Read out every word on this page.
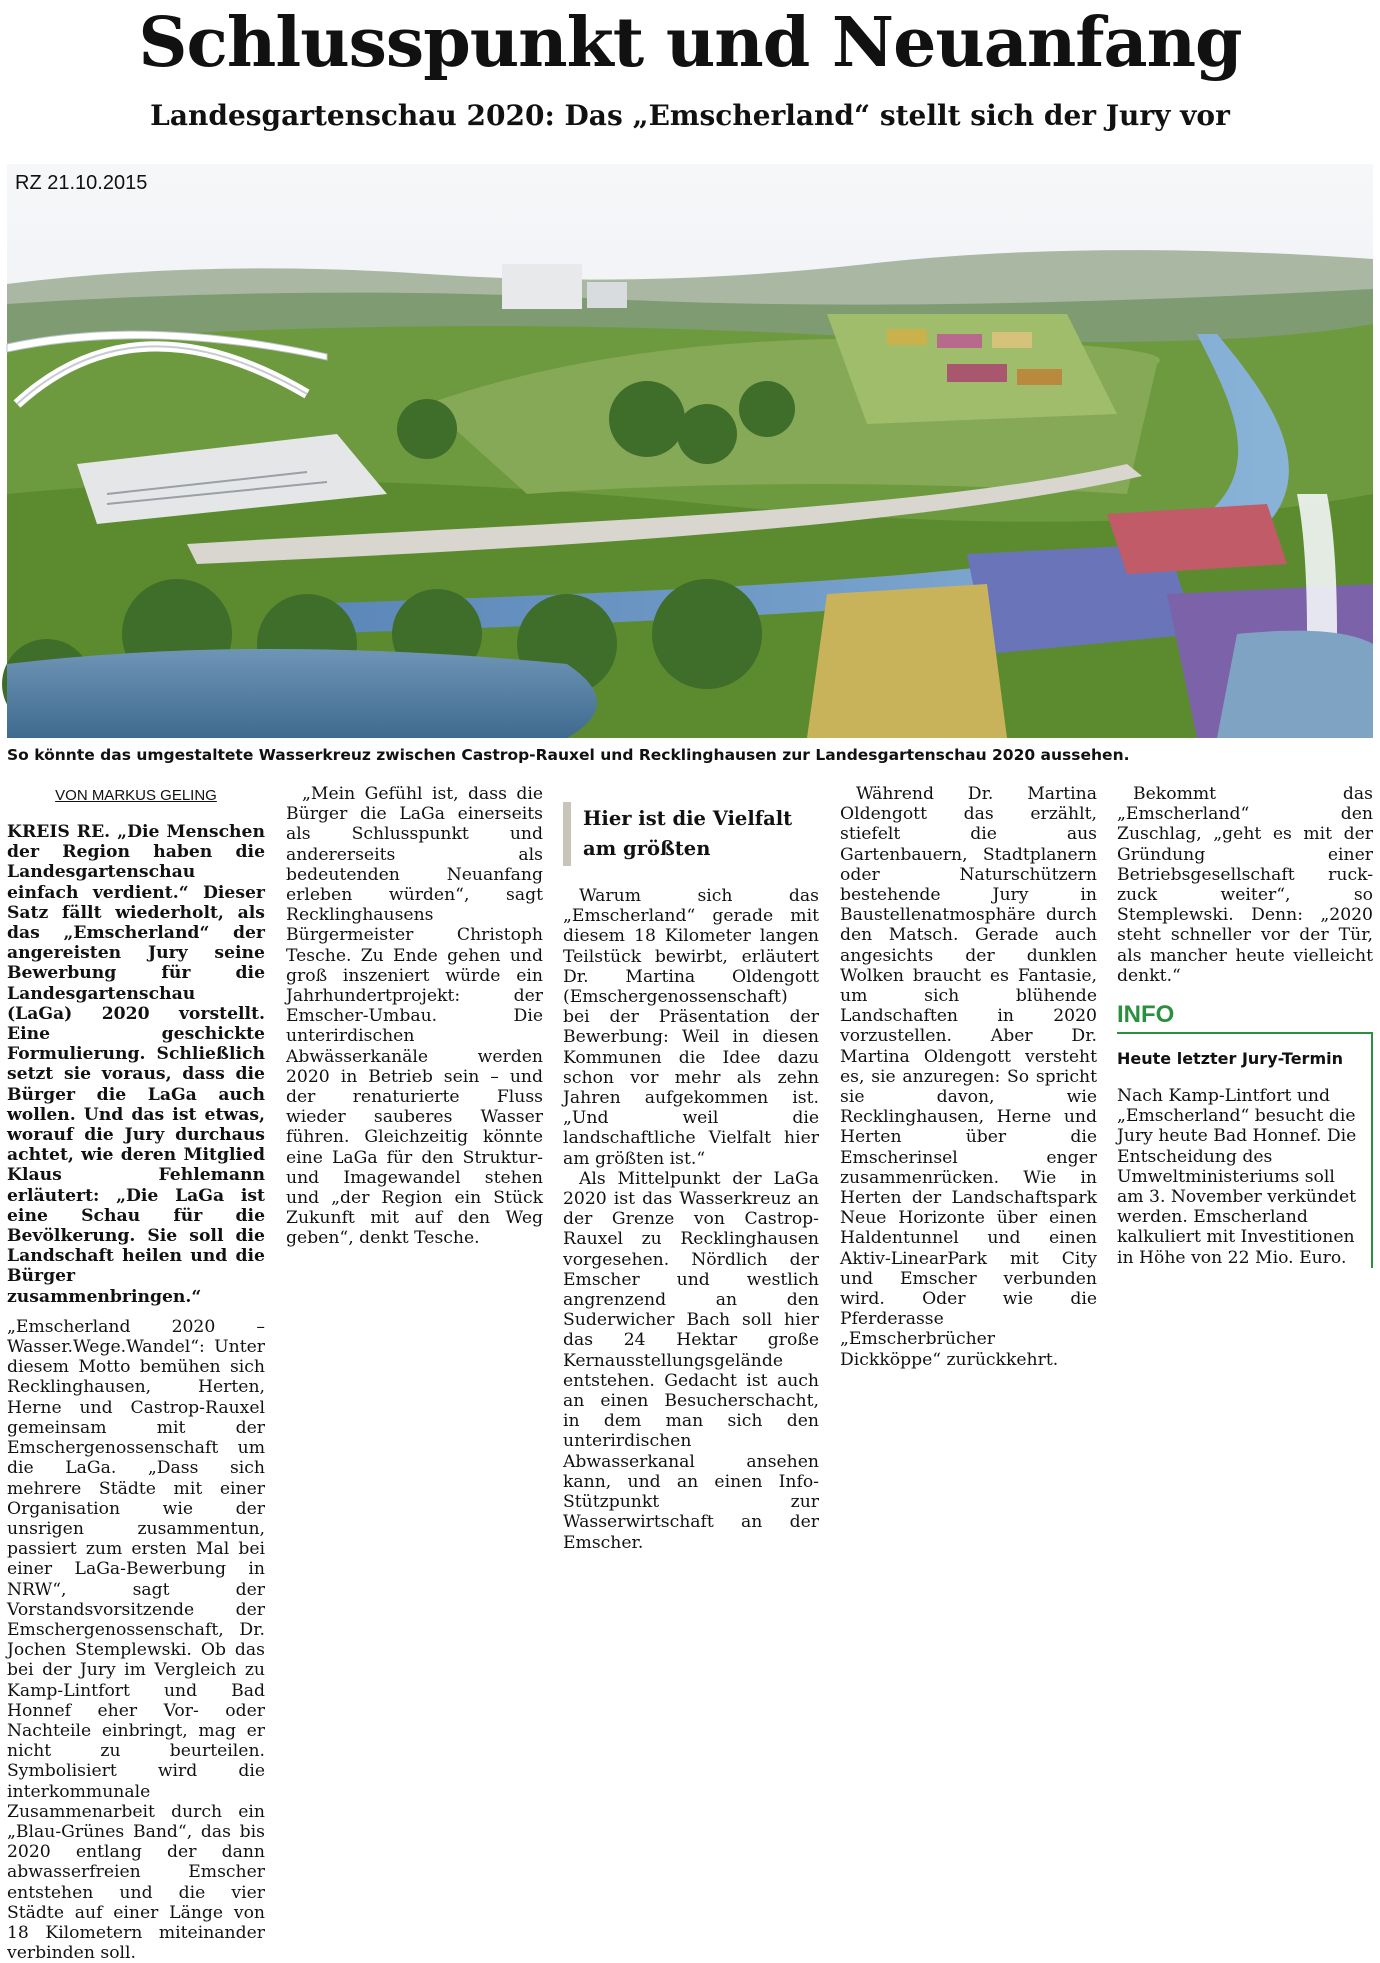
Schlusspunkt und Neuanfang
Landesgartenschau 2020: Das „Emscherland“ stellt sich der Jury vor
RZ 21.10.2015
So könnte das umgestaltete Wasserkreuz zwischen Castrop-Rauxel und Recklinghausen zur Landesgartenschau 2020 aussehen.

VON MARKUS GELING

KREIS RE. „Die Menschen der Region haben die Landesgartenschau einfach verdient.“ Dieser Satz fällt wiederholt, als das „Emscherland“ der angereisten Jury seine Bewerbung für die Landesgartenschau (LaGa) 2020 vorstellt. Eine geschickte Formulierung. Schließlich setzt sie voraus, dass die Bürger die LaGa auch wollen. Und das ist etwas, worauf die Jury durchaus achtet, wie deren Mitglied Klaus Fehlemann erläutert: „Die LaGa ist eine Schau für die Bevölkerung. Sie soll die Landschaft heilen und die Bürger zusammenbringen.“

„Emscherland 2020 – Wasser.Wege.Wandel“: Unter diesem Motto bemühen sich Recklinghausen, Herten, Herne und Castrop-Rauxel gemeinsam mit der Emschergenossenschaft um die LaGa. „Dass sich mehrere Städte mit einer Organisation wie der unsrigen zusammentun, passiert zum ersten Mal bei einer LaGa-Bewerbung in NRW“, sagt der Vorstandsvorsitzende der Emschergenossenschaft, Dr. Jochen Stemplewski. Ob das bei der Jury im Vergleich zu Kamp-Lintfort und Bad Honnef eher Vor- oder Nachteile einbringt, mag er nicht zu beurteilen. Symbolisiert wird die interkommunale Zusammenarbeit durch ein „Blau-Grünes Band“, das bis 2020 entlang der dann abwasserfreien Emscher entstehen und die vier Städte auf einer Länge von 18 Kilometern miteinander verbinden soll.

„Mein Gefühl ist, dass die Bürger die LaGa einerseits als Schlusspunkt und andererseits als bedeutenden Neuanfang erleben würden“, sagt Recklinghausens Bürgermeister Christoph Tesche. Zu Ende gehen und groß inszeniert würde ein Jahrhundertprojekt: der Emscher-Umbau. Die unterirdischen Abwässerkanäle werden 2020 in Betrieb sein – und der renaturierte Fluss wieder sauberes Wasser führen. Gleichzeitig könnte eine LaGa für den Struktur- und Imagewandel stehen und „der Region ein Stück Zukunft mit auf den Weg geben“, denkt Tesche.

Hier ist die Vielfalt am größten

Warum sich das „Emscherland“ gerade mit diesem 18 Kilometer langen Teilstück bewirbt, erläutert Dr. Martina Oldengott (Emschergenossenschaft) bei der Präsentation der Bewerbung: Weil in diesen Kommunen die Idee dazu schon vor mehr als zehn Jahren aufgekommen ist. „Und weil die landschaftliche Vielfalt hier am größten ist.“

Als Mittelpunkt der LaGa 2020 ist das Wasserkreuz an der Grenze von Castrop-Rauxel zu Recklinghausen vorgesehen. Nördlich der Emscher und westlich angrenzend an den Suderwicher Bach soll hier das 24 Hektar große Kernausstellungsgelände entstehen. Gedacht ist auch an einen Besucherschacht, in dem man sich den unterirdischen Abwasserkanal ansehen kann, und an einen Info-Stützpunkt zur Wasserwirtschaft an der Emscher.

Während Dr. Martina Oldengott das erzählt, stiefelt die aus Gartenbauern, Stadtplanern oder Naturschützern bestehende Jury in Baustellenatmosphäre durch den Matsch. Gerade auch angesichts der dunklen Wolken braucht es Fantasie, um sich blühende Landschaften in 2020 vorzustellen. Aber Dr. Martina Oldengott versteht es, sie anzuregen: So spricht sie davon, wie Recklinghausen, Herne und Herten über die Emscherinsel enger zusammenrücken. Wie in Herten der Landschaftspark Neue Horizonte über einen Haldentunnel und einen Aktiv-LinearPark mit City und Emscher verbunden wird. Oder wie die Pferderasse „Emscherbrücher Dickköppe“ zurückkehrt.

Bekommt das „Emscherland“ den Zuschlag, „geht es mit der Gründung einer Betriebsgesellschaft ruck-zuck weiter“, so Stemplewski. Denn: „2020 steht schneller vor der Tür, als mancher heute vielleicht denkt.“

INFO

Heute letzter Jury-Termin

Nach Kamp-Lintfort und „Emscherland“ besucht die Jury heute Bad Honnef. Die Entscheidung des Umweltministeriums soll am 3. November verkündet werden. Emscherland kalkuliert mit Investitionen in Höhe von 22 Mio. Euro.
